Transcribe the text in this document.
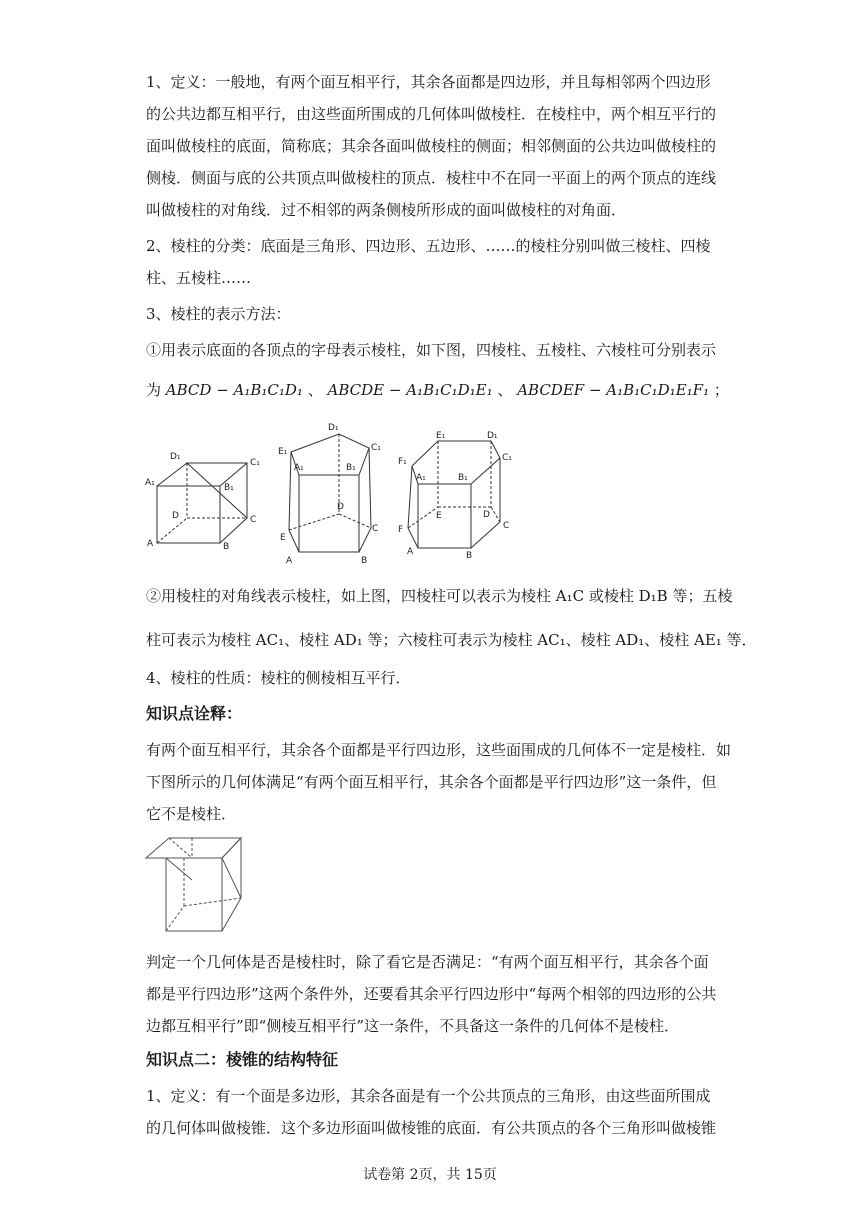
1、定义：一般地，有两个面互相平行，其余各面都是四边形，并且每相邻两个四边形
的公共边都互相平行，由这些面所围成的几何体叫做棱柱．在棱柱中，两个相互平行的
面叫做棱柱的底面，简称底；其余各面叫做棱柱的侧面；相邻侧面的公共边叫做棱柱的
侧棱．侧面与底的公共顶点叫做棱柱的顶点．棱柱中不在同一平面上的两个顶点的连线
叫做棱柱的对角线．过不相邻的两条侧棱所形成的面叫做棱柱的对角面．
2、棱柱的分类：底面是三角形、四边形、五边形、……的棱柱分别叫做三棱柱、四棱
柱、五棱柱……
3、棱柱的表示方法：
①用表示底面的各顶点的字母表示棱柱，如下图，四棱柱、五棱柱、六棱柱可分别表示
为 ABCD − A₁B₁C₁D₁ 、 ABCDE − A₁B₁C₁D₁E₁ 、 ABCDEF − A₁B₁C₁D₁E₁F₁ ；
D₁
C₁
A₁	B₁
D	C
A	B
D₁
C₁
E₁
A₁	B₁
D
C
E
A	B
E₁	D₁
C₁
F₁
A₁	B₁
E	D
C
F
A	B
②用棱柱的对角线表示棱柱，如上图，四棱柱可以表示为棱柱 A₁C 或棱柱 D₁B 等；五棱
柱可表示为棱柱 AC₁、棱柱 AD₁ 等；六棱柱可表示为棱柱 AC₁、棱柱 AD₁、棱柱 AE₁ 等．
4、棱柱的性质：棱柱的侧棱相互平行．
知识点诠释：
有两个面互相平行，其余各个面都是平行四边形，这些面围成的几何体不一定是棱柱．如
下图所示的几何体满足“有两个面互相平行，其余各个面都是平行四边形”这一条件，但
它不是棱柱．
判定一个几何体是否是棱柱时，除了看它是否满足：“有两个面互相平行，其余各个面
都是平行四边形”这两个条件外，还要看其余平行四边形中“每两个相邻的四边形的公共
边都互相平行”即“侧棱互相平行”这一条件，不具备这一条件的几何体不是棱柱．
知识点二：棱锥的结构特征
1、定义：有一个面是多边形，其余各面是有一个公共顶点的三角形，由这些面所围成
的几何体叫做棱锥．这个多边形面叫做棱锥的底面．有公共顶点的各个三角形叫做棱锥
试卷第 2页，共 15页
